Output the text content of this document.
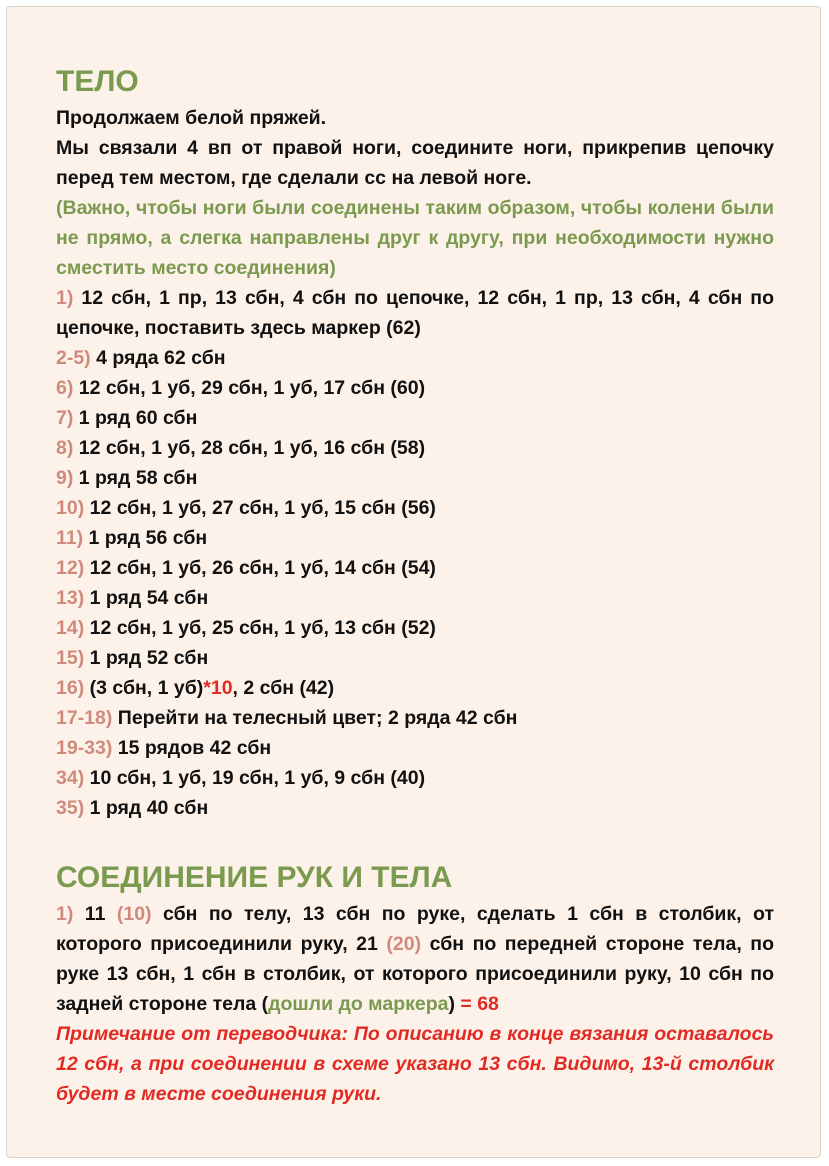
ТЕЛО

Продолжаем белой пряжей.

Мы связали 4 вп от правой ноги, соедините ноги, прикрепив цепочку перед тем местом, где сделали сс на левой ноге.

(Важно, чтобы ноги были соединены таким образом, чтобы колени были не прямо, а слегка направлены друг к другу, при необходимости нужно сместить место соединения)

1) 12 сбн, 1 пр, 13 сбн, 4 сбн по цепочке, 12 сбн, 1 пр, 13 сбн, 4 сбн по цепочке, поставить здесь маркер (62)

2-5) 4 ряда 62 сбн

6) 12 сбн, 1 уб, 29 сбн, 1 уб, 17 сбн (60)

7) 1 ряд 60 сбн

8) 12 сбн, 1 уб, 28 сбн, 1 уб, 16 сбн (58)

9) 1 ряд 58 сбн

10) 12 сбн, 1 уб, 27 сбн, 1 уб, 15 сбн (56)

11) 1 ряд 56 сбн

12) 12 сбн, 1 уб, 26 сбн, 1 уб, 14 сбн (54)

13) 1 ряд 54 сбн

14) 12 сбн, 1 уб, 25 сбн, 1 уб, 13 сбн (52)

15) 1 ряд 52 сбн

16) (3 сбн, 1 уб)*10, 2 сбн (42)

17-18) Перейти на телесный цвет; 2 ряда 42 сбн

19-33) 15 рядов 42 сбн

34) 10 сбн, 1 уб, 19 сбн, 1 уб, 9 сбн (40)

35) 1 ряд 40 сбн

СОЕДИНЕНИЕ РУК И ТЕЛА

1) 11 (10) сбн по телу, 13 сбн по руке, сделать 1 сбн в столбик, от которого присоединили руку, 21 (20) сбн по передней стороне тела, по руке 13 сбн, 1 сбн в столбик, от которого присоединили руку, 10 сбн по задней стороне тела (дошли до маркера) = 68

Примечание от переводчика: По описанию в конце вязания оставалось 12 сбн, а при соединении в схеме указано 13 сбн. Видимо, 13-й столбик будет в месте соединения руки.
